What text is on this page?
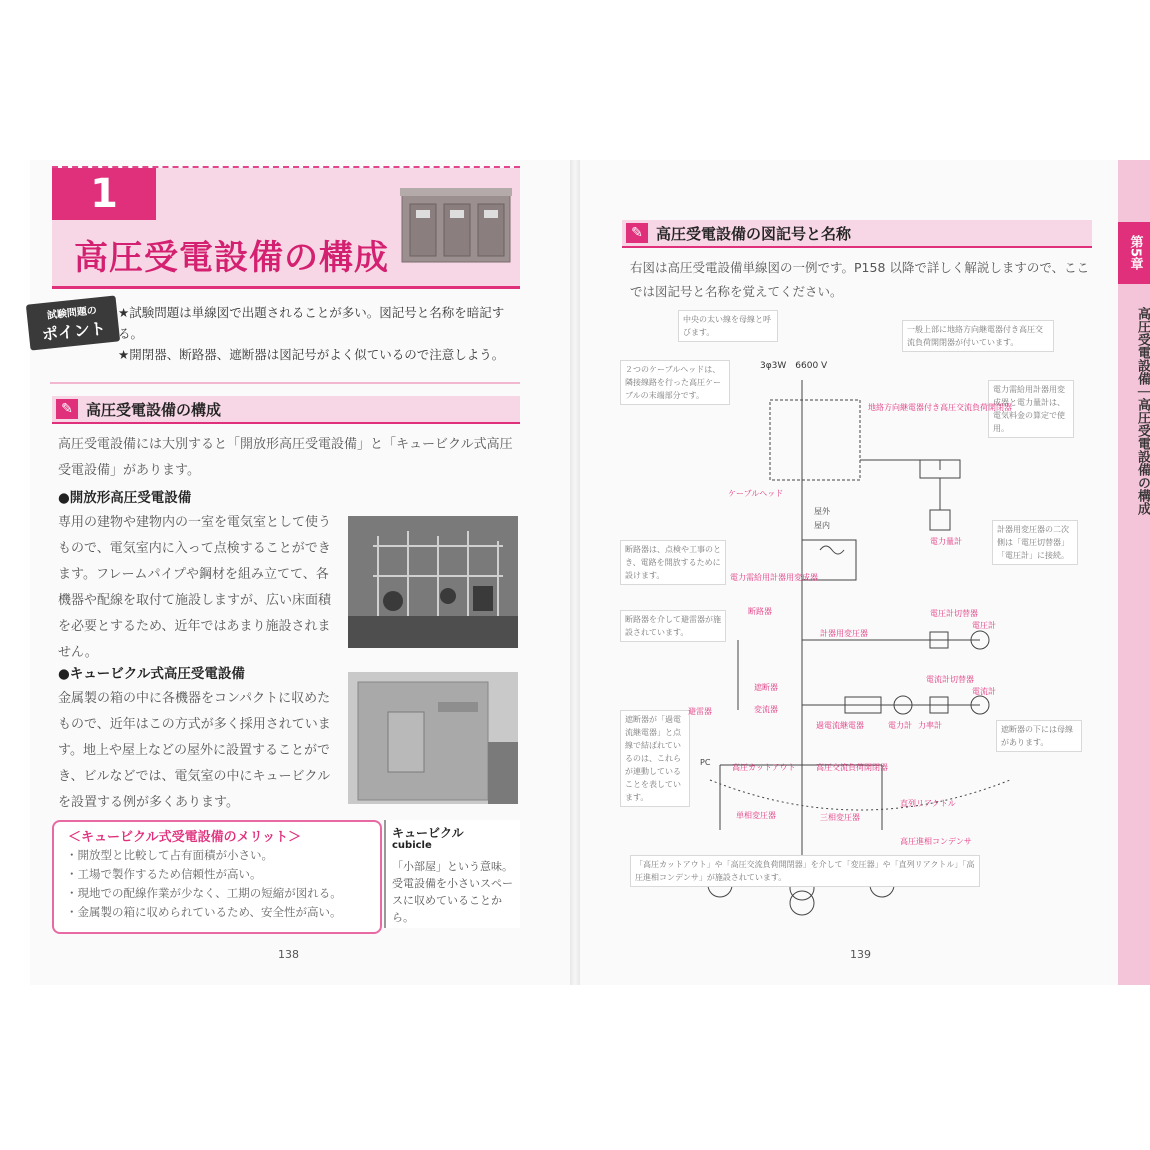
1
高圧受電設備の構成
試験問題の
ポイント
★試験問題は単線図で出題されることが多い。図記号と名称を暗記する。
★開閉器、断路器、遮断器は図記号がよく似ているので注意しよう。
✎ 高圧受電設備の構成
高圧受電設備には大別すると「開放形高圧受電設備」と「キュービクル式高圧受電設備」があります。
●開放形高圧受電設備
専用の建物や建物内の一室を電気室として使うもので、電気室内に入って点検することができます。フレームパイプや鋼材を組み立てて、各機器や配線を取付て施設しますが、広い床面積を必要とするため、近年ではあまり施設されません。
●キュービクル式高圧受電設備
金属製の箱の中に各機器をコンパクトに収めたもので、近年はこの方式が多く採用されています。地上や屋上などの屋外に設置することができ、ビルなどでは、電気室の中にキュービクルを設置する例が多くあります。
＜キュービクル式受電設備のメリット＞
・開放型と比較して占有面積が小さい。
・工場で製作するため信頼性が高い。
・現地での配線作業が少なく、工期の短縮が図れる。
・金属製の箱に収められているため、安全性が高い。
キュービクル
cubicle
「小部屋」という意味。受電設備を小さいスペースに収めていることから。
138
✎ 高圧受電設備の図記号と名称
右図は高圧受電設備単線図の一例です。P158 以降で詳しく解説しますので、ここでは図記号と名称を覚えてください。
第5章
高圧受電設備｜高圧受電設備の構成
3φ3W　6600 V
中央の太い線を母線と呼びます。
２つのケーブルヘッドは、隣接線路を行った高圧ケーブルの末端部分です。
一般上部に地絡方向継電器付き高圧交流負荷開閉器が付いています。
電力需給用計器用変成器と電力量計は、電気料金の算定で使用。
断路器は、点検や工事のとき、電路を開放するために設けます。
断路器を介して避雷器が施設されています。
計器用変圧器の二次側は「電圧切替器」「電圧計」に接続。
遮断器が「過電流継電器」と点線で結ばれているのは、これらが連動していることを表しています。
遮断器の下には母線があります。
「高圧カットアウト」や「高圧交流負荷開閉器」を介して「変圧器」や「直列リアクトル」「高圧進相コンデンサ」が施設されています。
地絡方向継電器付き高圧交流負荷開閉器
ケーブルヘッド
屋外
屋内
電力需給用計器用変成器
電力量計
断路器
計器用変圧器
電圧計切替器
電圧計
避雷器
遮断器
変流器
過電流継電器	電力計 力率計
電流計切替器
電流計
高圧カットアウト	高圧交流負荷開閉器
単相変圧器	三相変圧器
直列リアクトル
高圧進相コンデンサ
PC
139
